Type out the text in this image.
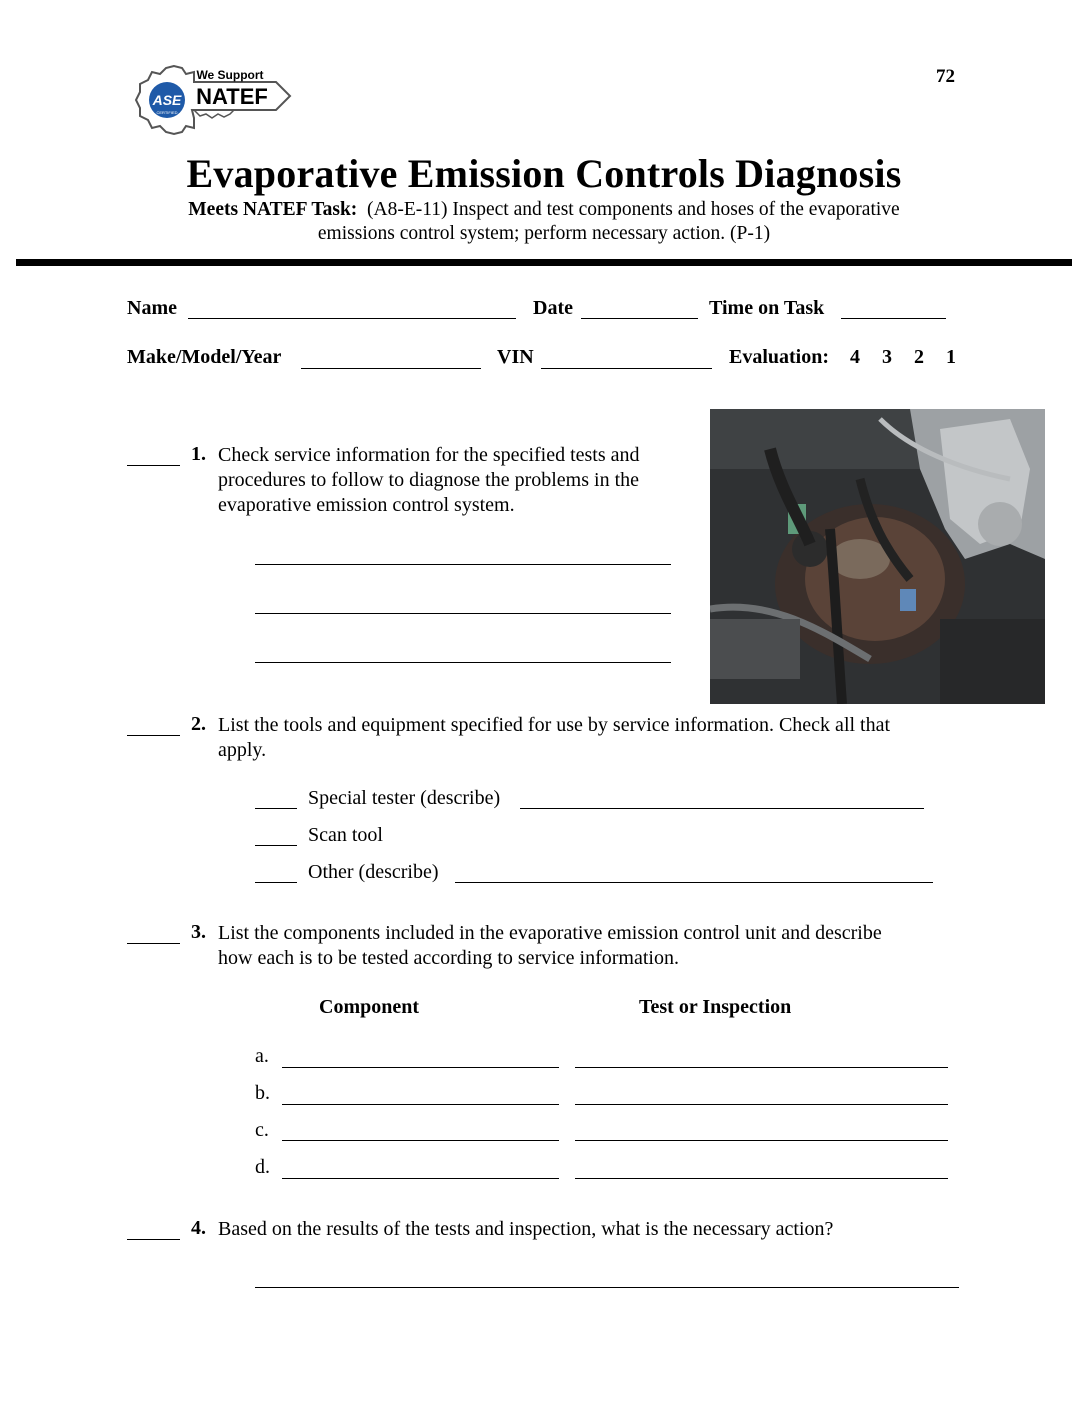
72
ASE
CERTIFIED
We Support
NATEF
Evaporative Emission Controls Diagnosis
Meets NATEF Task: (A8-E-11) Inspect and test components and hoses of the evaporative
emissions control system; perform necessary action. (P-1)
Name	Date	Time on Task
Make/Model/Year	VIN	Evaluation: 4 3 2 1
1. Check service information for the specified tests and
procedures to follow to diagnose the problems in the
evaporative emission control system.
2. List the tools and equipment specified for use by service information. Check all that
apply.
Special tester (describe)
Scan tool
Other (describe)
3. List the components included in the evaporative emission control unit and describe
how each is to be tested according to service information.
Component	Test or Inspection
a.
b.
c.
d.
4. Based on the results of the tests and inspection, what is the necessary action?
